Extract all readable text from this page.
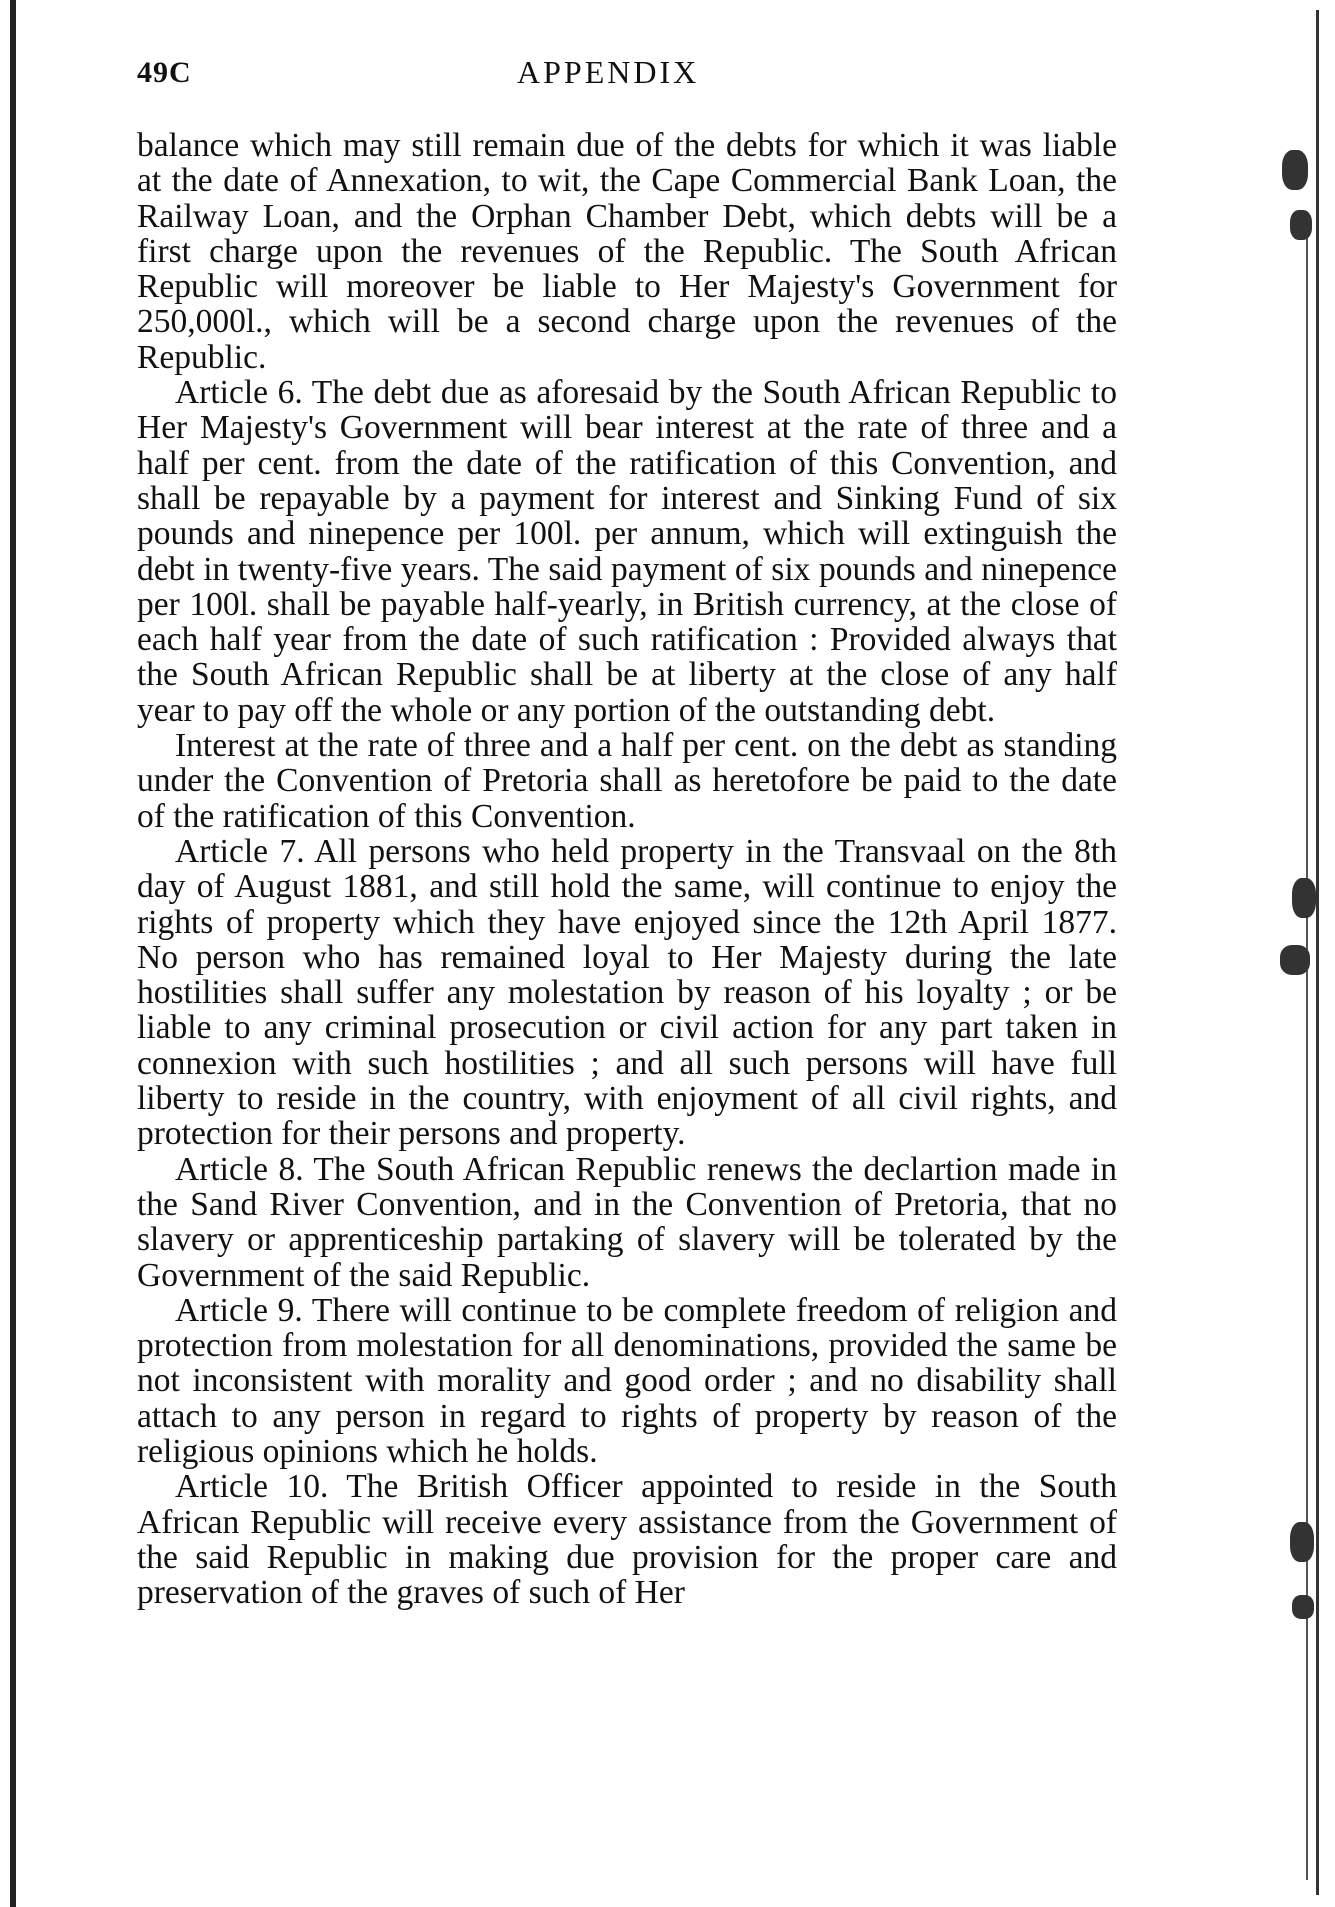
49C	APPENDIX

balance which may still remain due of the debts for which it was liable at the date of Annexation, to wit, the Cape Commercial Bank Loan, the Railway Loan, and the Orphan Chamber Debt, which debts will be a first charge upon the revenues of the Republic. The South African Republic will moreover be liable to Her Majesty's Government for 250,000l., which will be a second charge upon the revenues of the Republic.

Article 6. The debt due as aforesaid by the South African Republic to Her Majesty's Government will bear interest at the rate of three and a half per cent. from the date of the ratification of this Convention, and shall be repayable by a payment for interest and Sinking Fund of six pounds and ninepence per 100l. per annum, which will extinguish the debt in twenty-five years. The said payment of six pounds and ninepence per 100l. shall be payable half-yearly, in British currency, at the close of each half year from the date of such ratification : Provided always that the South African Republic shall be at liberty at the close of any half year to pay off the whole or any portion of the outstanding debt.

Interest at the rate of three and a half per cent. on the debt as standing under the Convention of Pretoria shall as heretofore be paid to the date of the ratification of this Convention.

Article 7. All persons who held property in the Transvaal on the 8th day of August 1881, and still hold the same, will continue to enjoy the rights of property which they have enjoyed since the 12th April 1877. No person who has remained loyal to Her Majesty during the late hostilities shall suffer any molestation by reason of his loyalty ; or be liable to any criminal prosecution or civil action for any part taken in connexion with such hostilities ; and all such persons will have full liberty to reside in the country, with enjoyment of all civil rights, and protection for their persons and property.

Article 8. The South African Republic renews the declartion made in the Sand River Convention, and in the Convention of Pretoria, that no slavery or apprenticeship partaking of slavery will be tolerated by the Government of the said Republic.

Article 9. There will continue to be complete freedom of religion and protection from molestation for all denominations, provided the same be not inconsistent with morality and good order ; and no disability shall attach to any person in regard to rights of property by reason of the religious opinions which he holds.

Article 10. The British Officer appointed to reside in the South African Republic will receive every assistance from the Government of the said Republic in making due provision for the proper care and preservation of the graves of such of Her
